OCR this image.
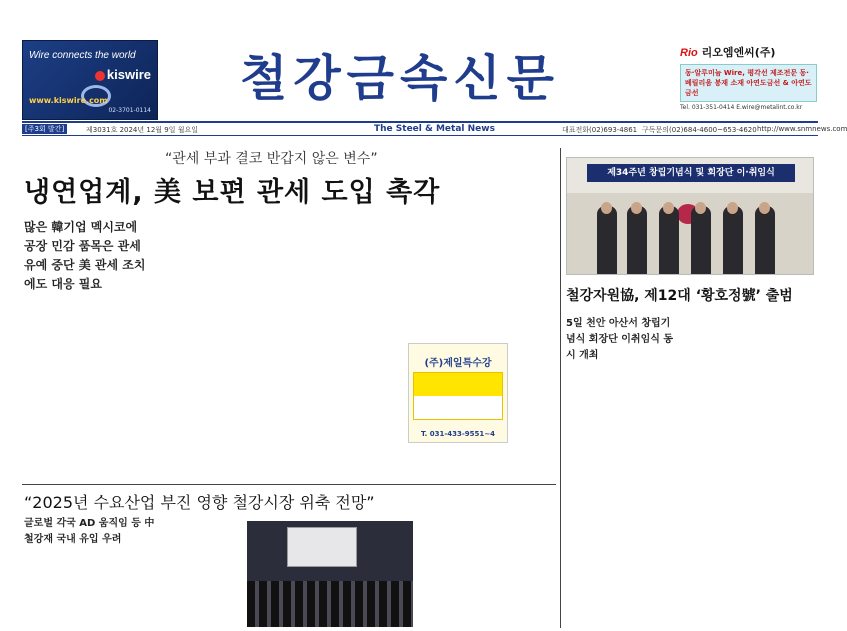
Wire connects the world
kiswire
www.kiswire.com
02-3701-0114
철강금속신문	Rio 리오엠엔씨(주)
동·알루미늄 Wire, 평각선 제조전문 동·베릴리움 봉재 소재 아연도금선 & 아연도금선
Tel. 031-351-0414 E.wire@metalint.co.kr
[주3회 발간]	제3031호 2024년 12월 9일 월요일	The Steel & Metal News	대표전화(02)693-4861 구독문의(02)684-4600~653-4620 http://www.snmnews.com
“관세 부과 결코 반갑지 않은 변수”
냉연업계, 美 보편 관세 도입 촉각
많은 韓기업 멕시코에 공장 민감 품목은 관세 유예 중단 美 관세 조치에도 대응 필요

(주)제일특수강
T. 031-433-9551~4
제34주년 창립기념식 및 회장단 이·취임식
철강자원協, 제12대 ‘황호정號’ 출범
5일 천안 아산서 창립기념식 회장단 이취임식 동시 개최

“2025년 수요산업 부진 영향 철강시장 위축 전망”
글로벌 각국 AD 움직임 등 中 철강재 국내 유입 우려
